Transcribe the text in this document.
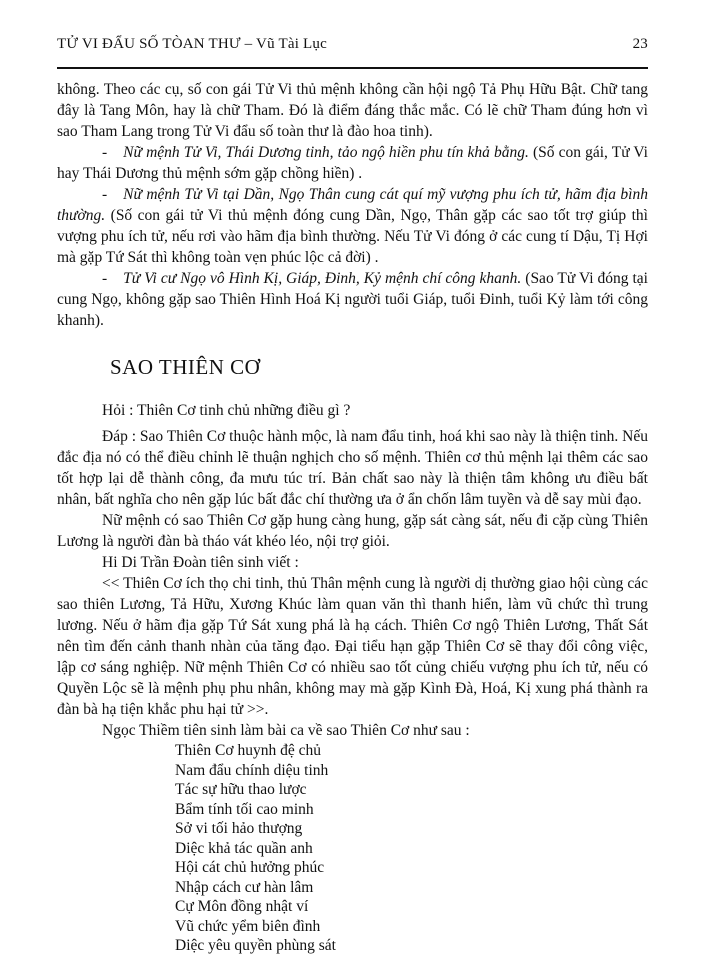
TỬ VI ĐẨU SỐ TÒAN THƯ – Vũ Tài Lục	23

không. Theo các cụ, số con gái Tử Vi thủ mệnh không cần hội ngộ Tả Phụ Hữu Bật. Chữ tang đây là Tang Môn, hay là chữ Tham. Đó là điểm đáng thắc mắc. Có lẽ chữ Tham đúng hơn vì sao Tham Lang trong Tử Vi đẩu số toàn thư là đào hoa tinh).

- Nữ mệnh Tử Vi, Thái Dương tinh, tảo ngộ hiền phu tín khả bằng. (Số con gái, Tử Vi hay Thái Dương thủ mệnh sớm gặp chồng hiền) .

- Nữ mệnh Tử Vi tại Dần, Ngọ Thân cung cát quí mỹ vượng phu ích tử, hãm địa bình thường. (Số con gái tử Vi thủ mệnh đóng cung Dần, Ngọ, Thân gặp các sao tốt trợ giúp thì vượng phu ích tử, nếu rơi vào hãm địa bình thường. Nếu Tử Vi đóng ở các cung tí Dậu, Tị Hợi mà gặp Tứ Sát thì không toàn vẹn phúc lộc cả đời) .

- Tử Vi cư Ngọ vô Hình Kị, Giáp, Đinh, Kỷ mệnh chí công khanh. (Sao Tử Vi đóng tại cung Ngọ, không gặp sao Thiên Hình Hoá Kị người tuổi Giáp, tuổi Đinh, tuổi Kỷ làm tới công khanh).

SAO THIÊN CƠ

Hỏi : Thiên Cơ tinh chủ những điều gì ?

Đáp : Sao Thiên Cơ thuộc hành mộc, là nam đẩu tinh, hoá khi sao này là thiện tinh. Nếu đắc địa nó có thể điều chỉnh lẽ thuận nghịch cho số mệnh. Thiên cơ thủ mệnh lại thêm các sao tốt hợp lại dễ thành công, đa mưu túc trí. Bản chất sao này là thiện tâm không ưu điều bất nhân, bất nghĩa cho nên gặp lúc bất đắc chí thường ưa ở ẩn chốn lâm tuyền và dễ say mùi đạo.

Nữ mệnh có sao Thiên Cơ gặp hung càng hung, gặp sát càng sát, nếu đi cặp cùng Thiên Lương là người đàn bà tháo vát khéo léo, nội trợ giỏi.

Hi Di Trần Đoàn tiên sinh viết :

<< Thiên Cơ ích thọ chi tinh, thủ Thân mệnh cung là người dị thường giao hội cùng các sao thiên Lương, Tả Hữu, Xương Khúc làm quan văn thì thanh hiển, làm vũ chức thì trung lương. Nếu ở hãm địa gặp Tứ Sát xung phá là hạ cách. Thiên Cơ ngộ Thiên Lương, Thất Sát nên tìm đến cảnh thanh nhàn của tăng đạo. Đại tiểu hạn gặp Thiên Cơ sẽ thay đổi công việc, lập cơ sáng nghiệp. Nữ mệnh Thiên Cơ có nhiều sao tốt củng chiếu vượng phu ích tử, nếu có Quyền Lộc sẽ là mệnh phụ phu nhân, không may mà gặp Kình Đà, Hoá, Kị xung phá thành ra đàn bà hạ tiện khắc phu hại tử >>.

Ngọc Thiềm tiên sinh làm bài ca về sao Thiên Cơ như sau :

Thiên Cơ huynh đệ chủ
Nam đẩu chính diệu tinh
Tác sự hữu thao lược
Bẩm tính tối cao minh
Sở vi tối hảo thượng
Diệc khả tác quần anh
Hội cát chủ hưởng phúc
Nhập cách cư hàn lâm
Cự Môn đồng nhật ví
Vũ chức yểm biên đình
Diệc yêu quyền phùng sát
